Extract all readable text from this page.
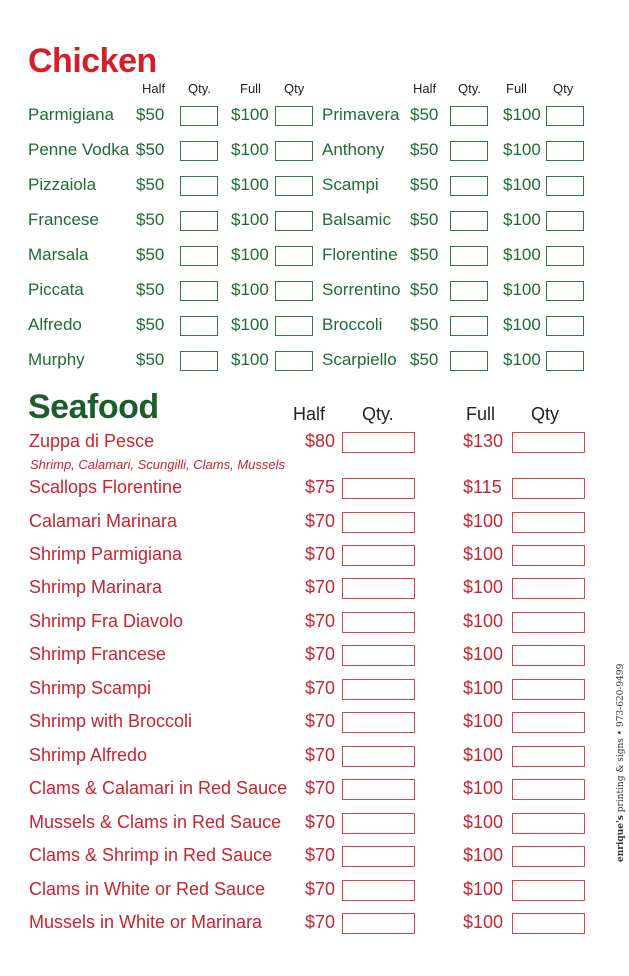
Chicken
Seafood
Half Qty. Full Qty	Half Qty. Full Qty
Parmigiana $50	$100
Penne Vodka $50	$100
Pizzaiola $50	$100
Francese $50	$100
Marsala	$50	$100
Piccata	$50	$100
Alfredo	$50	$100
Murphy	$50	$100
Primavera $50	$100
Anthony $50	$100
Scampi $50	$100
Balsamic $50	$100
Florentine $50	$100
Sorrentino $50	$100
Broccoli $50	$100
Scarpiello $50	$100
Half Qty.	Full Qty
Zuppa di Pesce	$80	$130
Shrimp, Calamari, Scungilli, Clams, Mussels
Scallops Florentine	$75	$115
Calamari Marinara	$70	$100
Shrimp Parmigiana	$70	$100
Shrimp Marinara	$70	$100
Shrimp Fra Diavolo	$70	$100
Shrimp Francese	$70	$100
Shrimp Scampi	$70	$100
Shrimp with Broccoli	$70	$100
Shrimp Alfredo	$70	$100
Clams & Calamari in Red Sauce $70	$100
Mussels & Clams in Red Sauce $70	$100
Clams & Shrimp in Red Sauce $70	$100
Clams in White or Red Sauce $70	$100
Mussels in White or Marinara $70	$100
enrique's printing & signs • 973-620-9499
